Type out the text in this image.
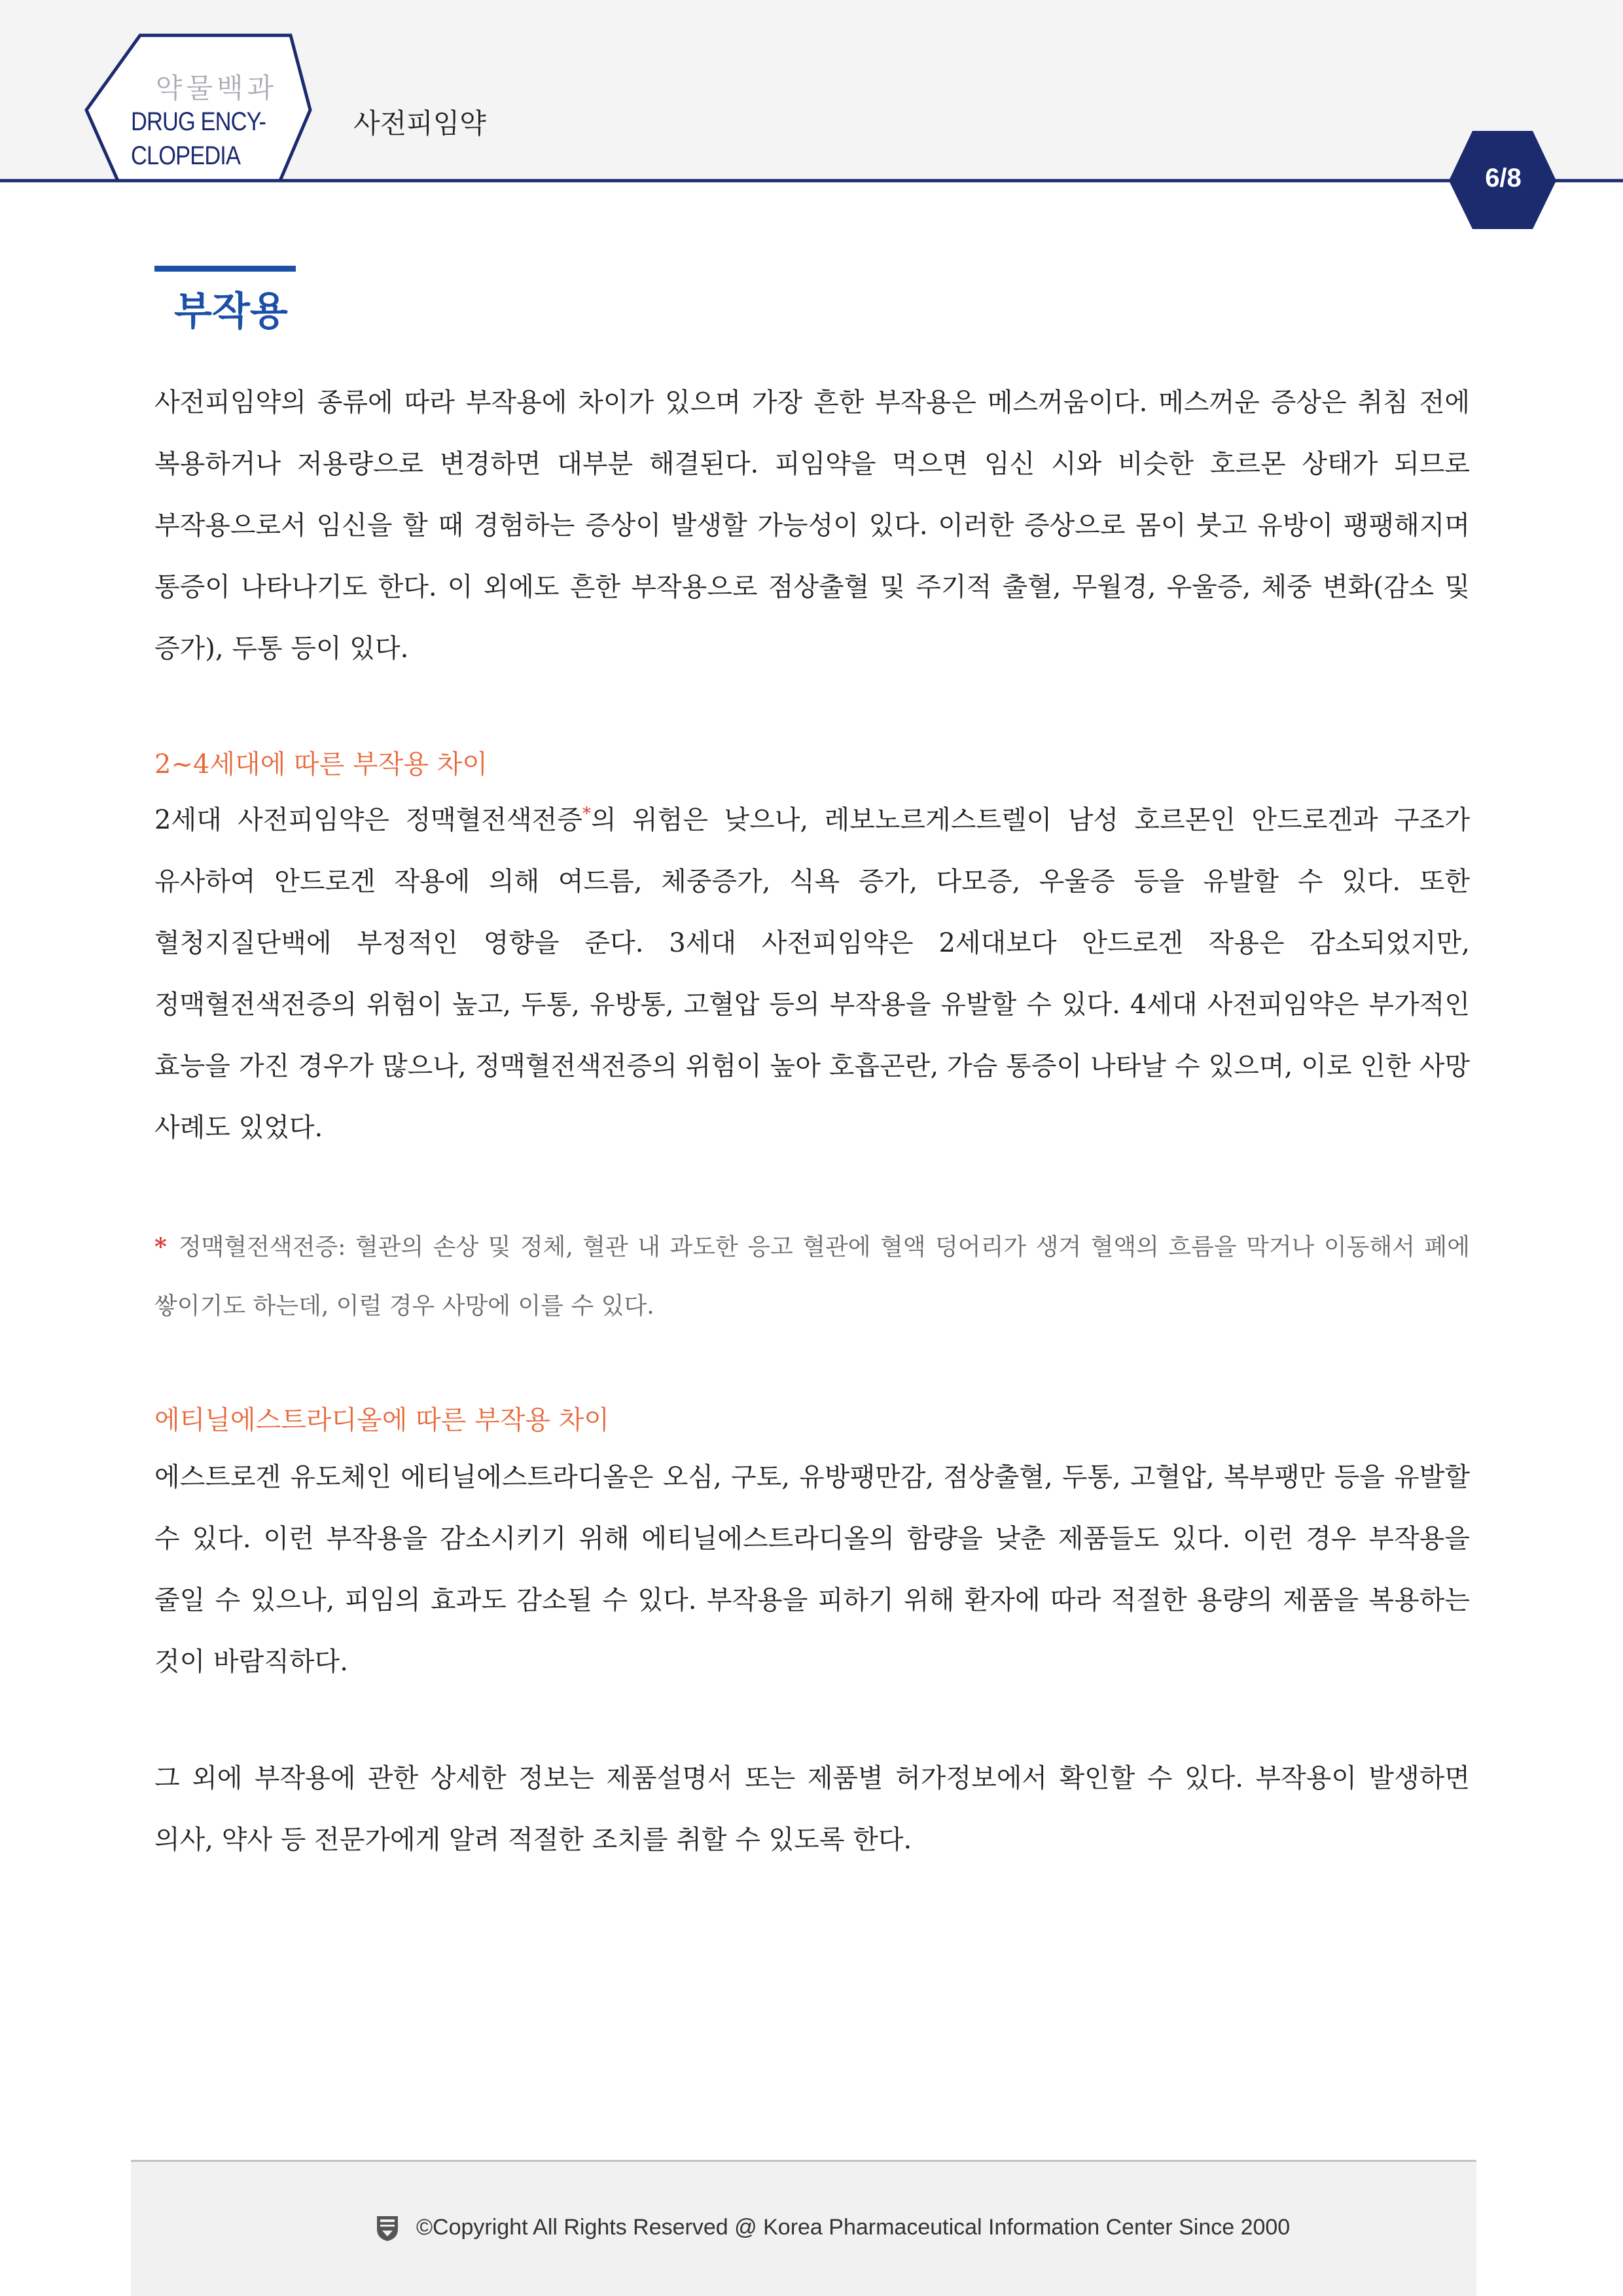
약물백과
DRUG ENCY-
CLOPEDIA
사전피임약
6/8
부작용

사전피임약의 종류에 따라 부작용에 차이가 있으며 가장 흔한 부작용은 메스꺼움이다. 메스꺼운 증상은 취침 전에 복용하거나 저용량으로 변경하면 대부분 해결된다. 피임약을 먹으면 임신 시와 비슷한 호르몬 상태가 되므로 부작용으로서 임신을 할 때 경험하는 증상이 발생할 가능성이 있다. 이러한 증상으로 몸이 붓고 유방이 팽팽해지며 통증이 나타나기도 한다. 이 외에도 흔한 부작용으로 점상출혈 및 주기적 출혈, 무월경, 우울증, 체중 변화(감소 및 증가), 두통 등이 있다.

2~4세대에 따른 부작용 차이

2세대 사전피임약은 정맥혈전색전증*의 위험은 낮으나, 레보노르게스트렐이 남성 호르몬인 안드로겐과 구조가 유사하여 안드로겐 작용에 의해 여드름, 체중증가, 식욕 증가, 다모증, 우울증 등을 유발할 수 있다. 또한 혈청지질단백에 부정적인 영향을 준다. 3세대 사전피임약은 2세대보다 안드로겐 작용은 감소되었지만, 정맥혈전색전증의 위험이 높고, 두통, 유방통, 고혈압 등의 부작용을 유발할 수 있다. 4세대 사전피임약은 부가적인 효능을 가진 경우가 많으나, 정맥혈전색전증의 위험이 높아 호흡곤란, 가슴 통증이 나타날 수 있으며, 이로 인한 사망 사례도 있었다.

* 정맥혈전색전증: 혈관의 손상 및 정체, 혈관 내 과도한 응고 혈관에 혈액 덩어리가 생겨 혈액의 흐름을 막거나 이동해서 폐에 쌓이기도 하는데, 이럴 경우 사망에 이를 수 있다.

에티닐에스트라디올에 따른 부작용 차이

에스트로겐 유도체인 에티닐에스트라디올은 오심, 구토, 유방팽만감, 점상출혈, 두통, 고혈압, 복부팽만 등을 유발할 수 있다. 이런 부작용을 감소시키기 위해 에티닐에스트라디올의 함량을 낮춘 제품들도 있다. 이런 경우 부작용을 줄일 수 있으나, 피임의 효과도 감소될 수 있다. 부작용을 피하기 위해 환자에 따라 적절한 용량의 제품을 복용하는 것이 바람직하다.

그 외에 부작용에 관한 상세한 정보는 제품설명서 또는 제품별 허가정보에서 확인할 수 있다. 부작용이 발생하면 의사, 약사 등 전문가에게 알려 적절한 조치를 취할 수 있도록 한다.

©Copyright All Rights Reserved @ Korea Pharmaceutical Information Center Since 2000
